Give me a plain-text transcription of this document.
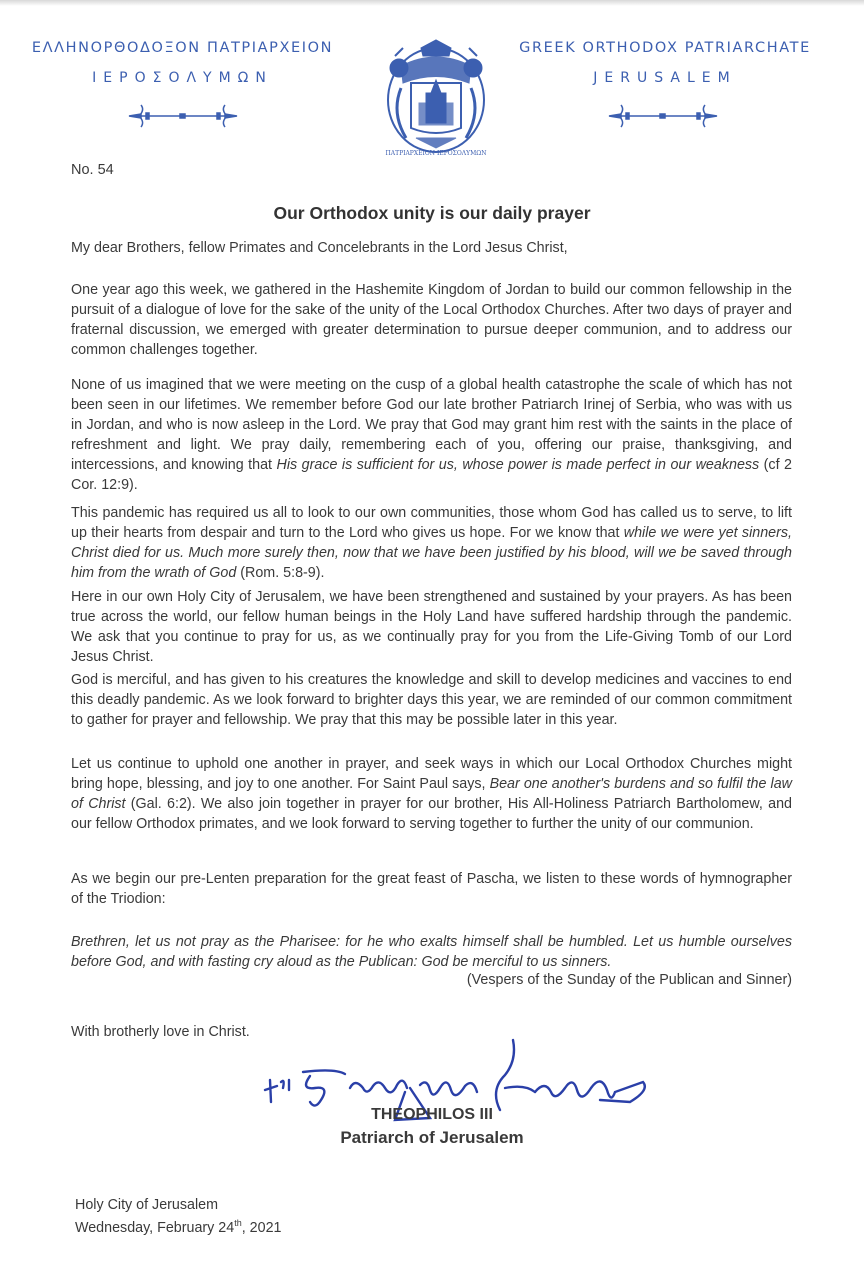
ΕΛΛΗΝΟΡΘΟΔΟΞΟΝ ΠΑΤΡΙΑΡΧΕΙΟΝ
ΙΕΡΟΣΟΛΥΜΩΝ
ΠΑΤΡΙΑΡΧΕΙΟΝ·ΙΕΡΟΣΟΛΥΜΩΝ
GREEK ORTHODOX PATRIARCHATE
JERUSALEM
No. 54
Our Orthodox unity is our daily prayer
My dear Brothers, fellow Primates and Concelebrants in the Lord Jesus Christ,
One year ago this week, we gathered in the Hashemite Kingdom of Jordan to build our common fellowship in the pursuit of a dialogue of love for the sake of the unity of the Local Orthodox Churches. After two days of prayer and fraternal discussion, we emerged with greater determination to pursue deeper communion, and to address our common challenges together.
None of us imagined that we were meeting on the cusp of a global health catastrophe the scale of which has not been seen in our lifetimes. We remember before God our late brother Patriarch Irinej of Serbia, who was with us in Jordan, and who is now asleep in the Lord. We pray that God may grant him rest with the saints in the place of refreshment and light. We pray daily, remembering each of you, offering our praise, thanksgiving, and intercessions, and knowing that His grace is sufficient for us, whose power is made perfect in our weakness (cf 2 Cor. 12:9).
This pandemic has required us all to look to our own communities, those whom God has called us to serve, to lift up their hearts from despair and turn to the Lord who gives us hope. For we know that while we were yet sinners, Christ died for us. Much more surely then, now that we have been justified by his blood, will we be saved through him from the wrath of God (Rom. 5:8-9).
Here in our own Holy City of Jerusalem, we have been strengthened and sustained by your prayers. As has been true across the world, our fellow human beings in the Holy Land have suffered hardship through the pandemic. We ask that you continue to pray for us, as we continually pray for you from the Life-Giving Tomb of our Lord Jesus Christ.
God is merciful, and has given to his creatures the knowledge and skill to develop medicines and vaccines to end this deadly pandemic. As we look forward to brighter days this year, we are reminded of our common commitment to gather for prayer and fellowship. We pray that this may be possible later in this year.
Let us continue to uphold one another in prayer, and seek ways in which our Local Orthodox Churches might bring hope, blessing, and joy to one another. For Saint Paul says, Bear one another's burdens and so fulfil the law of Christ (Gal. 6:2). We also join together in prayer for our brother, His All-Holiness Patriarch Bartholomew, and our fellow Orthodox primates, and we look forward to serving together to further the unity of our communion.
As we begin our pre-Lenten preparation for the great feast of Pascha, we listen to these words of hymnographer of the Triodion:
Brethren, let us not pray as the Pharisee: for he who exalts himself shall be humbled. Let us humble ourselves before God, and with fasting cry aloud as the Publican: God be merciful to us sinners.
(Vespers of the Sunday of the Publican and Sinner)
With brotherly love in Christ.
THEOPHILOS III
Patriarch of Jerusalem
Holy City of Jerusalem
Wednesday, February 24th, 2021
